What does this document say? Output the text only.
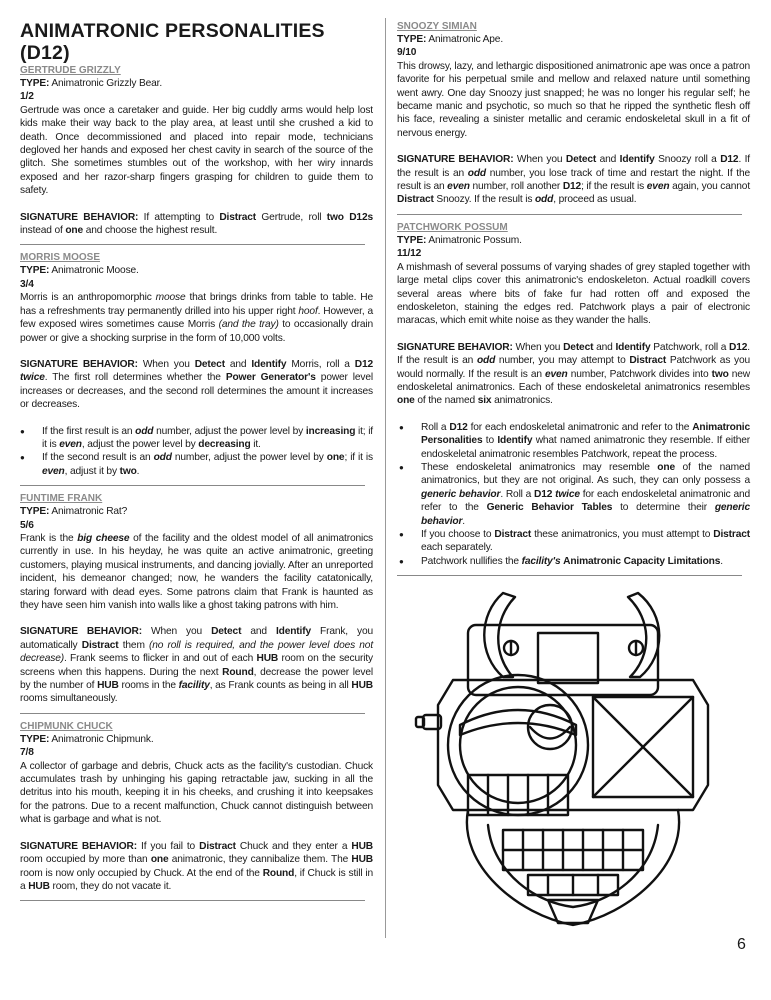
ANIMATRONIC PERSONALITIES (D12)
GERTRUDE GRIZZLY

TYPE: Animatronic Grizzly Bear.

1/2

Gertrude was once a caretaker and guide. Her big cuddly arms would help lost kids make their way back to the play area, at least until she crushed a kid to death. Once decommissioned and placed into repair mode, technicians degloved her hands and exposed her chest cavity in search of the source of the glitch. She sometimes stumbles out of the workshop, with her wiry innards exposed and her razor-sharp fingers grasping for children to guide them to safety.

SIGNATURE BEHAVIOR: If attempting to Distract Gertrude, roll two D12s instead of one and choose the highest result.

MORRIS MOOSE

TYPE: Animatronic Moose.

3/4

Morris is an anthropomorphic moose that brings drinks from table to table. He has a refreshments tray permanently drilled into his upper right hoof. However, a few exposed wires sometimes cause Morris (and the tray) to occasionally drain power or give a shocking surprise in the form of 10,000 volts.

SIGNATURE BEHAVIOR: When you Detect and Identify Morris, roll a D12 twice. The first roll determines whether the Power Generator's power level increases or decreases, and the second roll determines the amount it increases or decreases.

● If the first result is an odd number, adjust the power level by increasing it; if it is even, adjust the power level by decreasing it.
● If the second result is an odd number, adjust the power level by one; if it is even, adjust it by two.
FUNTIME FRANK

TYPE: Animatronic Rat?

5/6

Frank is the big cheese of the facility and the oldest model of all animatronics currently in use. In his heyday, he was quite an active animatronic, greeting customers, playing musical instruments, and dancing jovially. After an unreported incident, his demeanor changed; now, he wanders the facility catatonically, staring forward with dead eyes. Some patrons claim that Frank is haunted as they have seen him vanish into walls like a ghost taking patrons with him.

SIGNATURE BEHAVIOR: When you Detect and Identify Frank, you automatically Distract them (no roll is required, and the power level does not decrease). Frank seems to flicker in and out of each HUB room on the security screens when this happens. During the next Round, decrease the power level by the number of HUB rooms in the facility, as Frank counts as being in all HUB rooms simultaneously.

CHIPMUNK CHUCK

TYPE: Animatronic Chipmunk.

7/8

A collector of garbage and debris, Chuck acts as the facility's custodian. Chuck accumulates trash by unhinging his gaping retractable jaw, sucking in all the detritus into his mouth, keeping it in his cheeks, and crushing it into keepsakes for the patrons. Due to a recent malfunction, Chuck cannot distinguish between what is garbage and what is not.

SIGNATURE BEHAVIOR: If you fail to Distract Chuck and they enter a HUB room occupied by more than one animatronic, they cannibalize them. The HUB room is now only occupied by Chuck. At the end of the Round, if Chuck is still in a HUB room, they do not vacate it.

SNOOZY SIMIAN

TYPE: Animatronic Ape.

9/10

This drowsy, lazy, and lethargic dispositioned animatronic ape was once a patron favorite for his perpetual smile and mellow and relaxed nature until something went awry. One day Snoozy just snapped; he was no longer his regular self; he became manic and psychotic, so much so that he ripped the synthetic flesh off his face, revealing a sinister metallic and ceramic endoskeletal skull in a fit of nervous energy.

SIGNATURE BEHAVIOR: When you Detect and Identify Snoozy roll a D12. If the result is an odd number, you lose track of time and restart the night. If the result is an even number, roll another D12; if the result is even again, you cannot Distract Snoozy. If the result is odd, proceed as usual.

PATCHWORK POSSUM

TYPE: Animatronic Possum.

11/12

A mishmash of several possums of varying shades of grey stapled together with large metal clips cover this animatronic's endoskeleton. Actual roadkill covers several areas where bits of fake fur had rotten off and exposed the endoskeleton, staining the edges red. Patchwork plays a pair of electronic maracas, which emit white noise as they wander the halls.

SIGNATURE BEHAVIOR: When you Detect and Identify Patchwork, roll a D12. If the result is an odd number, you may attempt to Distract Patchwork as you would normally. If the result is an even number, Patchwork divides into two new endoskeletal animatronics. Each of these endoskeletal animatronics resembles one of the named six animatronics.

● Roll a D12 for each endoskeletal animatronic and refer to the Animatronic Personalities to Identify what named animatronic they resemble. If either endoskeletal animatronic resembles Patchwork, repeat the process.
● These endoskeletal animatronics may resemble one of the named animatronics, but they are not original. As such, they can only possess a generic behavior. Roll a D12 twice for each endoskeletal animatronic and refer to the Generic Behavior Tables to determine their generic behavior.
● If you choose to Distract these animatronics, you must attempt to Distract each separately.
● Patchwork nullifies the facility's Animatronic Capacity Limitations.
6
